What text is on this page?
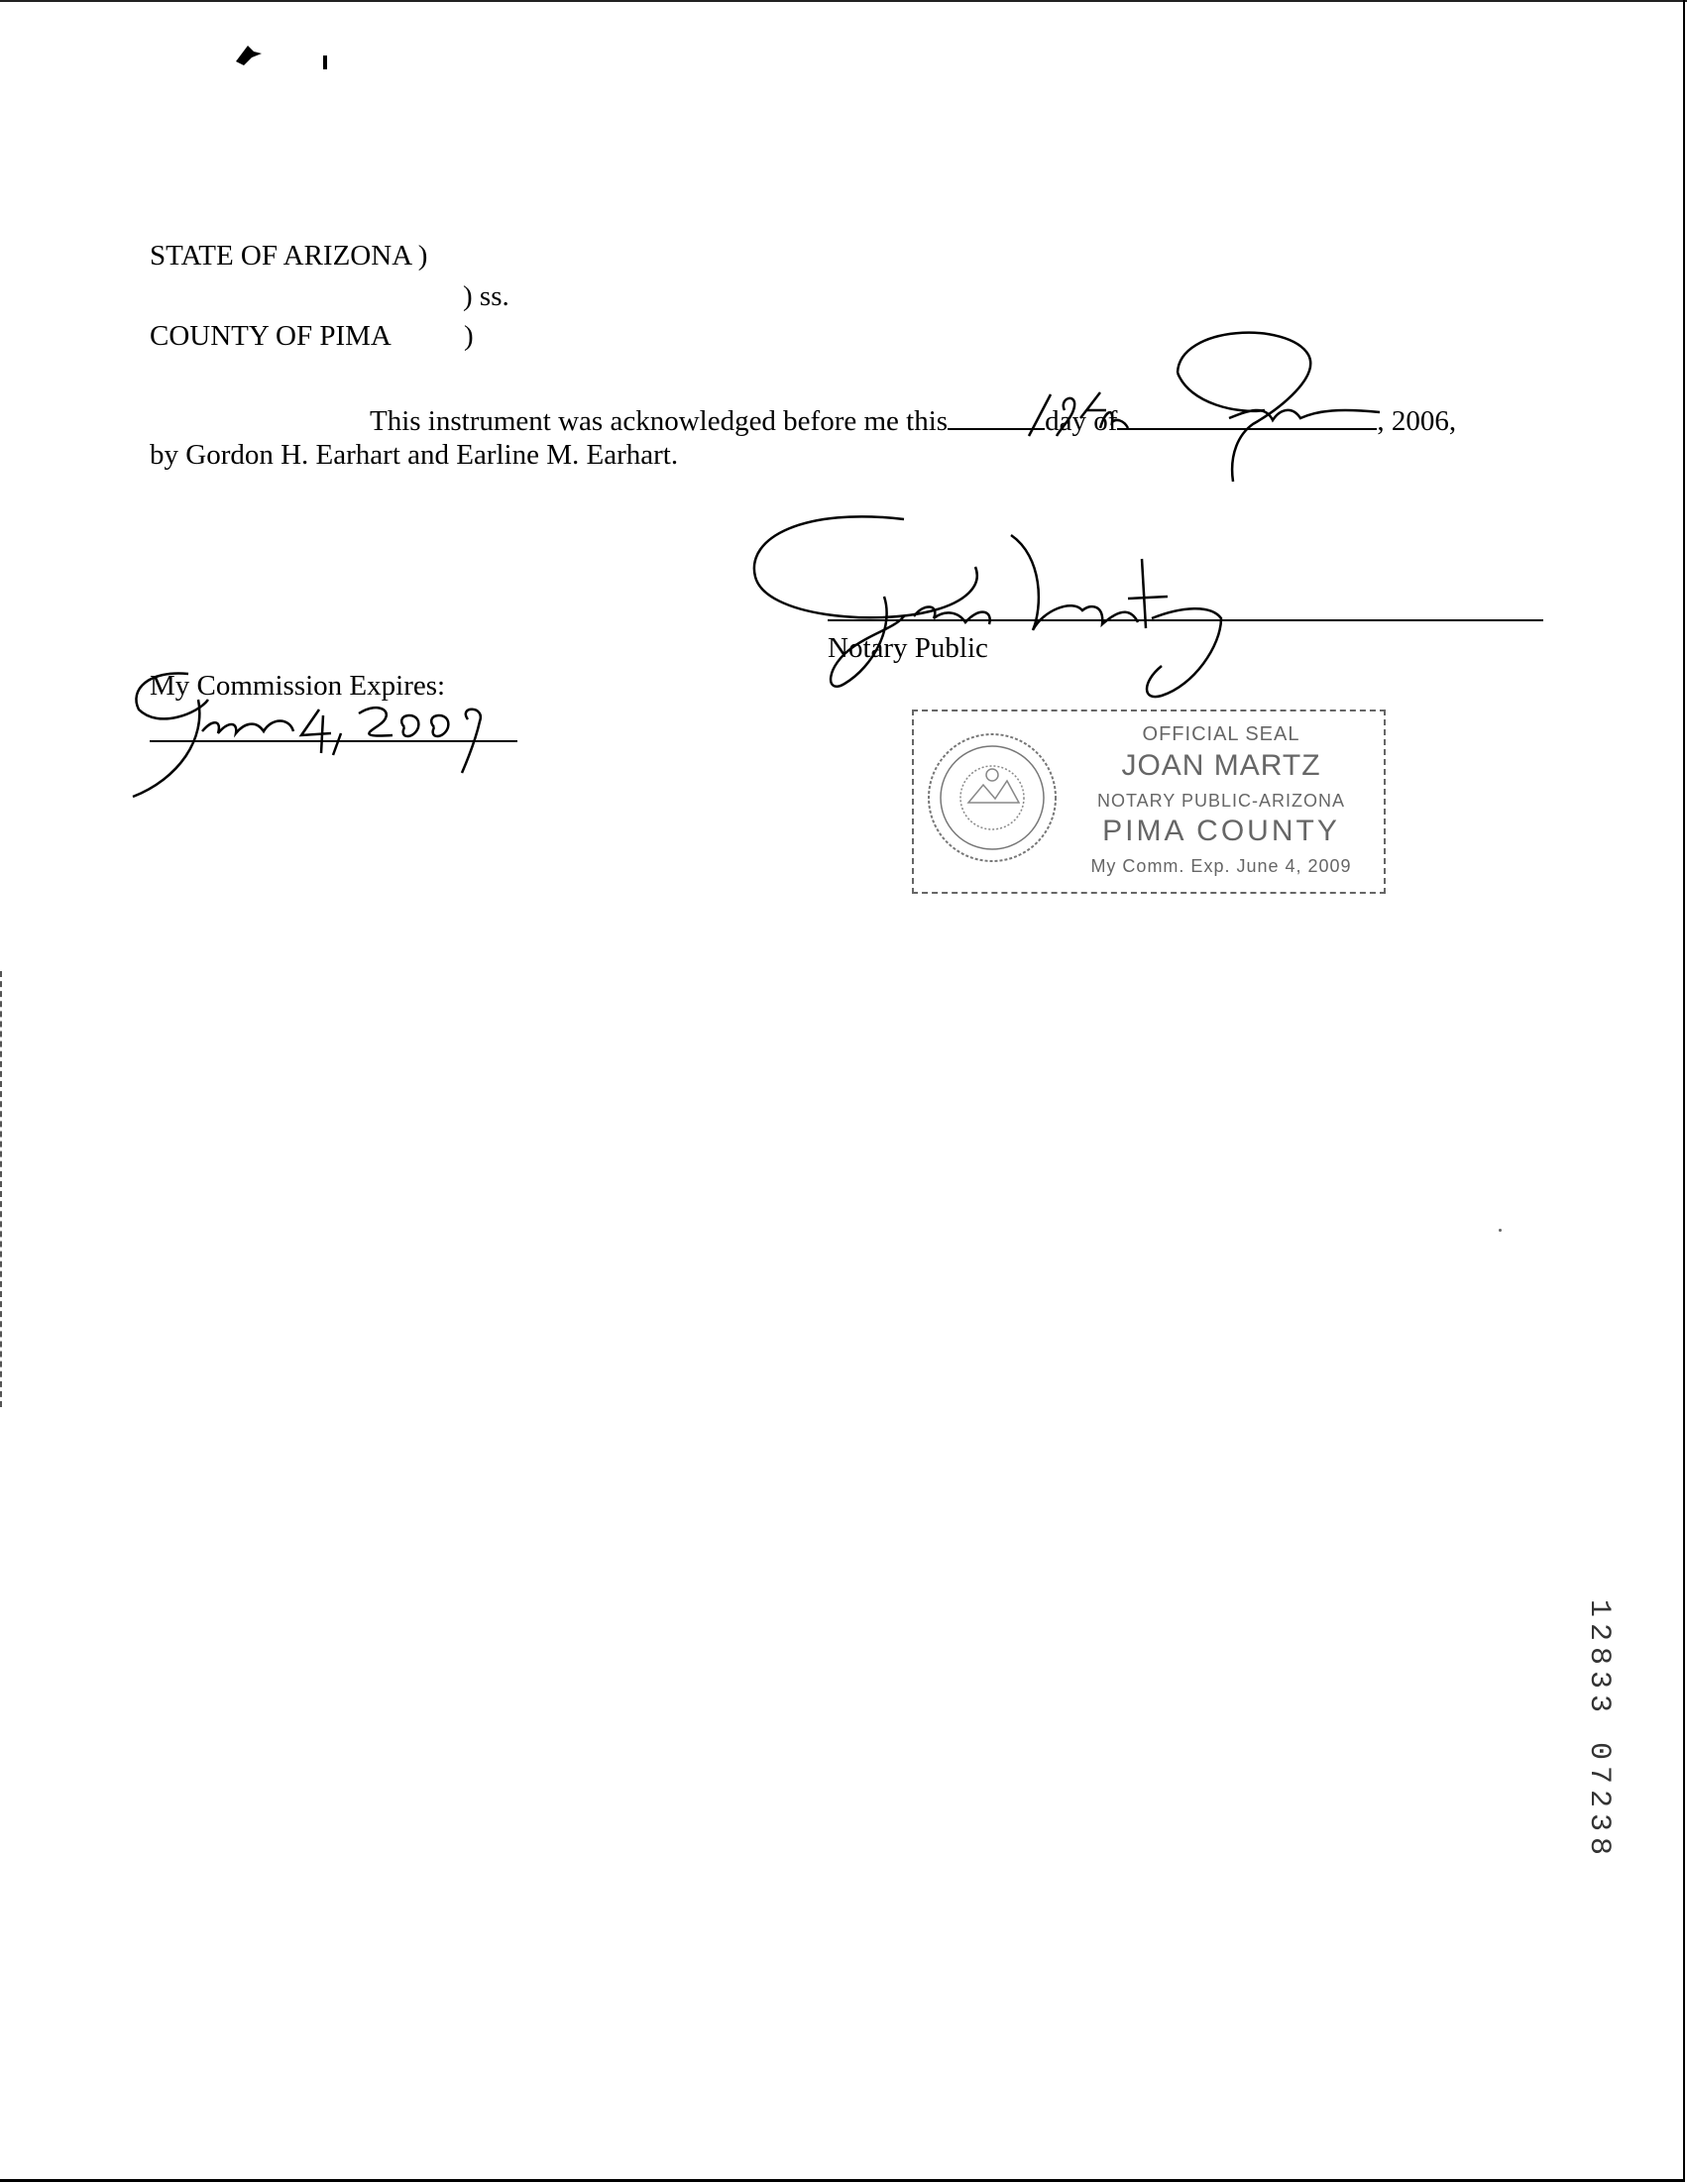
STATE OF ARIZONA )
) ss.
COUNTY OF PIMA	)
This instrument was acknowledged before me this	day of	, 2006,
by Gordon H. Earhart and Earline M. Earhart.
Notary Public
My Commission Expires:
OFFICIAL SEAL
JOAN MARTZ
NOTARY PUBLIC-ARIZONA
PIMA COUNTY
My Comm. Exp. June 4, 2009
12833 07238
